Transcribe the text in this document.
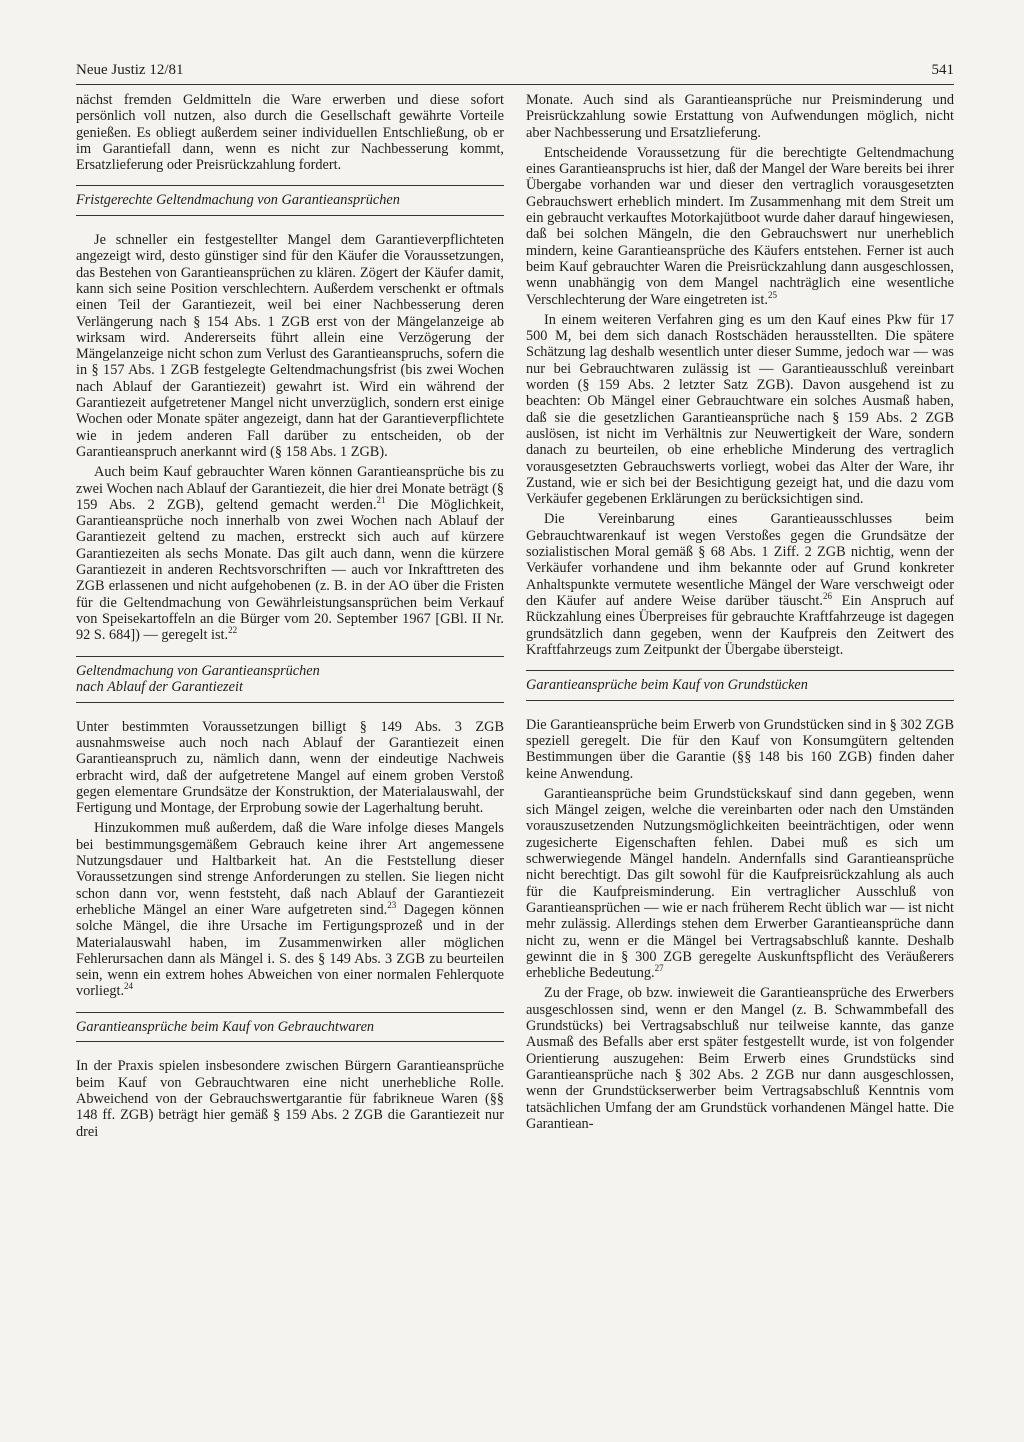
Neue Justiz 12/81	541

nächst fremden Geldmitteln die Ware erwerben und diese sofort persönlich voll nutzen, also durch die Gesellschaft gewährte Vorteile genießen. Es obliegt außerdem seiner individuellen Entschließung, ob er im Garantiefall dann, wenn es nicht zur Nachbesserung kommt, Ersatzlieferung oder Preisrückzahlung fordert.

Fristgerechte Geltendmachung von Garantieansprüchen

Je schneller ein festgestellter Mangel dem Garantieverpflichteten angezeigt wird, desto günstiger sind für den Käufer die Voraussetzungen, das Bestehen von Garantieansprüchen zu klären. Zögert der Käufer damit, kann sich seine Position verschlechtern. Außerdem verschenkt er oftmals einen Teil der Garantiezeit, weil bei einer Nachbesserung deren Verlängerung nach § 154 Abs. 1 ZGB erst von der Mängelanzeige ab wirksam wird. Andererseits führt allein eine Verzögerung der Mängelanzeige nicht schon zum Verlust des Garantieanspruchs, sofern die in § 157 Abs. 1 ZGB festgelegte Geltendmachungsfrist (bis zwei Wochen nach Ablauf der Garantiezeit) gewahrt ist. Wird ein während der Garantiezeit aufgetretener Mangel nicht unverzüglich, sondern erst einige Wochen oder Monate später angezeigt, dann hat der Garantieverpflichtete wie in jedem anderen Fall darüber zu entscheiden, ob der Garantieanspruch anerkannt wird (§ 158 Abs. 1 ZGB).

Auch beim Kauf gebrauchter Waren können Garantieansprüche bis zu zwei Wochen nach Ablauf der Garantiezeit, die hier drei Monate beträgt (§ 159 Abs. 2 ZGB), geltend gemacht werden.$^{21}$ Die Möglichkeit, Garantieansprüche noch innerhalb von zwei Wochen nach Ablauf der Garantiezeit geltend zu machen, erstreckt sich auch auf kürzere Garantiezeiten als sechs Monate. Das gilt auch dann, wenn die kürzere Garantiezeit in anderen Rechtsvorschriften — auch vor Inkrafttreten des ZGB erlassenen und nicht aufgehobenen (z. B. in der AO über die Fristen für die Geltendmachung von Gewährleistungsansprüchen beim Verkauf von Speisekartoffeln an die Bürger vom 20. September 1967 [GBl. II Nr. 92 S. 684]) — geregelt ist.$^{22}$

Geltendmachung von Garantieansprüchen
nach Ablauf der Garantiezeit

Unter bestimmten Voraussetzungen billigt § 149 Abs. 3 ZGB ausnahmsweise auch noch nach Ablauf der Garantiezeit einen Garantieanspruch zu, nämlich dann, wenn der eindeutige Nachweis erbracht wird, daß der aufgetretene Mangel auf einem groben Verstoß gegen elementare Grundsätze der Konstruktion, der Materialauswahl, der Fertigung und Montage, der Erprobung sowie der Lagerhaltung beruht.

Hinzukommen muß außerdem, daß die Ware infolge dieses Mangels bei bestimmungsgemäßem Gebrauch keine ihrer Art angemessene Nutzungsdauer und Haltbarkeit hat. An die Feststellung dieser Voraussetzungen sind strenge Anforderungen zu stellen. Sie liegen nicht schon dann vor, wenn feststeht, daß nach Ablauf der Garantiezeit erhebliche Mängel an einer Ware aufgetreten sind.$^{23}$ Dagegen können solche Mängel, die ihre Ursache im Fertigungsprozeß und in der Materialauswahl haben, im Zusammenwirken aller möglichen Fehlerursachen dann als Mängel i. S. des § 149 Abs. 3 ZGB zu beurteilen sein, wenn ein extrem hohes Abweichen von einer normalen Fehlerquote vorliegt.$^{24}$

Garantieansprüche beim Kauf von Gebrauchtwaren

In der Praxis spielen insbesondere zwischen Bürgern Garantieansprüche beim Kauf von Gebrauchtwaren eine nicht unerhebliche Rolle. Abweichend von der Gebrauchswertgarantie für fabrikneue Waren (§§ 148 ff. ZGB) beträgt hier gemäß § 159 Abs. 2 ZGB die Garantiezeit nur drei

Monate. Auch sind als Garantieansprüche nur Preisminderung und Preisrückzahlung sowie Erstattung von Aufwendungen möglich, nicht aber Nachbesserung und Ersatzlieferung.

Entscheidende Voraussetzung für die berechtigte Geltendmachung eines Garantieanspruchs ist hier, daß der Mangel der Ware bereits bei ihrer Übergabe vorhanden war und dieser den vertraglich vorausgesetzten Gebrauchswert erheblich mindert. Im Zusammenhang mit dem Streit um ein gebraucht verkauftes Motorkajütboot wurde daher darauf hingewiesen, daß bei solchen Mängeln, die den Gebrauchswert nur unerheblich mindern, keine Garantieansprüche des Käufers entstehen. Ferner ist auch beim Kauf gebrauchter Waren die Preisrückzahlung dann ausgeschlossen, wenn unabhängig von dem Mangel nachträglich eine wesentliche Verschlechterung der Ware eingetreten ist.$^{25}$

In einem weiteren Verfahren ging es um den Kauf eines Pkw für 17 500 M, bei dem sich danach Rostschäden herausstellten. Die spätere Schätzung lag deshalb wesentlich unter dieser Summe, jedoch war — was nur bei Gebrauchtwaren zulässig ist — Garantieausschluß vereinbart worden (§ 159 Abs. 2 letzter Satz ZGB). Davon ausgehend ist zu beachten: Ob Mängel einer Gebrauchtware ein solches Ausmaß haben, daß sie die gesetzlichen Garantieansprüche nach § 159 Abs. 2 ZGB auslösen, ist nicht im Verhältnis zur Neuwertigkeit der Ware, sondern danach zu beurteilen, ob eine erhebliche Minderung des vertraglich vorausgesetzten Gebrauchswerts vorliegt, wobei das Alter der Ware, ihr Zustand, wie er sich bei der Besichtigung gezeigt hat, und die dazu vom Verkäufer gegebenen Erklärungen zu berücksichtigen sind.

Die Vereinbarung eines Garantieausschlusses beim Gebrauchtwarenkauf ist wegen Verstoßes gegen die Grundsätze der sozialistischen Moral gemäß § 68 Abs. 1 Ziff. 2 ZGB nichtig, wenn der Verkäufer vorhandene und ihm bekannte oder auf Grund konkreter Anhaltspunkte vermutete wesentliche Mängel der Ware verschweigt oder den Käufer auf andere Weise darüber täuscht.$^{26}$ Ein Anspruch auf Rückzahlung eines Überpreises für gebrauchte Kraftfahrzeuge ist dagegen grundsätzlich dann gegeben, wenn der Kaufpreis den Zeitwert des Kraftfahrzeugs zum Zeitpunkt der Übergabe übersteigt.

Garantieansprüche beim Kauf von Grundstücken

Die Garantieansprüche beim Erwerb von Grundstücken sind in § 302 ZGB speziell geregelt. Die für den Kauf von Konsumgütern geltenden Bestimmungen über die Garantie (§§ 148 bis 160 ZGB) finden daher keine Anwendung.

Garantieansprüche beim Grundstückskauf sind dann gegeben, wenn sich Mängel zeigen, welche die vereinbarten oder nach den Umständen vorauszusetzenden Nutzungsmöglichkeiten beeinträchtigen, oder wenn zugesicherte Eigenschaften fehlen. Dabei muß es sich um schwerwiegende Mängel handeln. Andernfalls sind Garantieansprüche nicht berechtigt. Das gilt sowohl für die Kaufpreisrückzahlung als auch für die Kaufpreisminderung. Ein vertraglicher Ausschluß von Garantieansprüchen — wie er nach früherem Recht üblich war — ist nicht mehr zulässig. Allerdings stehen dem Erwerber Garantieansprüche dann nicht zu, wenn er die Mängel bei Vertragsabschluß kannte. Deshalb gewinnt die in § 300 ZGB geregelte Auskunftspflicht des Veräußerers erhebliche Bedeutung.$^{27}$

Zu der Frage, ob bzw. inwieweit die Garantieansprüche des Erwerbers ausgeschlossen sind, wenn er den Mangel (z. B. Schwammbefall des Grundstücks) bei Vertragsabschluß nur teilweise kannte, das ganze Ausmaß des Befalls aber erst später festgestellt wurde, ist von folgender Orientierung auszugehen: Beim Erwerb eines Grundstücks sind Garantieansprüche nach § 302 Abs. 2 ZGB nur dann ausgeschlossen, wenn der Grundstückserwerber beim Vertragsabschluß Kenntnis vom tatsächlichen Umfang der am Grundstück vorhandenen Mängel hatte. Die Garantiean-
